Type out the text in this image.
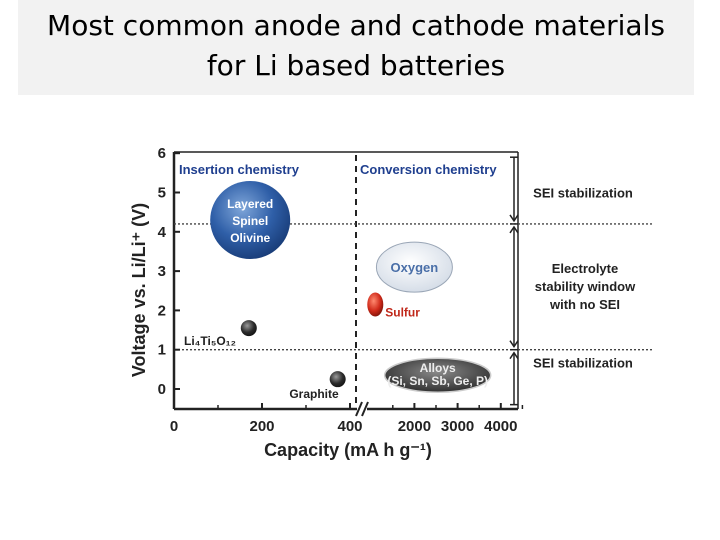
Most common anode and cathode materials
for Li based batteries
0
1
2
3
4
5
6
0	200	400 2000 3000 4000
Capacity (mA h g⁻¹)
Voltage vs. Li/Li⁺ (V)
Insertion chemistry	Conversion chemistry
Layered
Spinel
Olivine
Oxygen
Sulfur
Li₄Ti₅O₁₂
Graphite
Alloys
(Si, Sn, Sb, Ge, P)
SEI stabilization
Electrolyte
stability window
with no SEI
SEI stabilization
